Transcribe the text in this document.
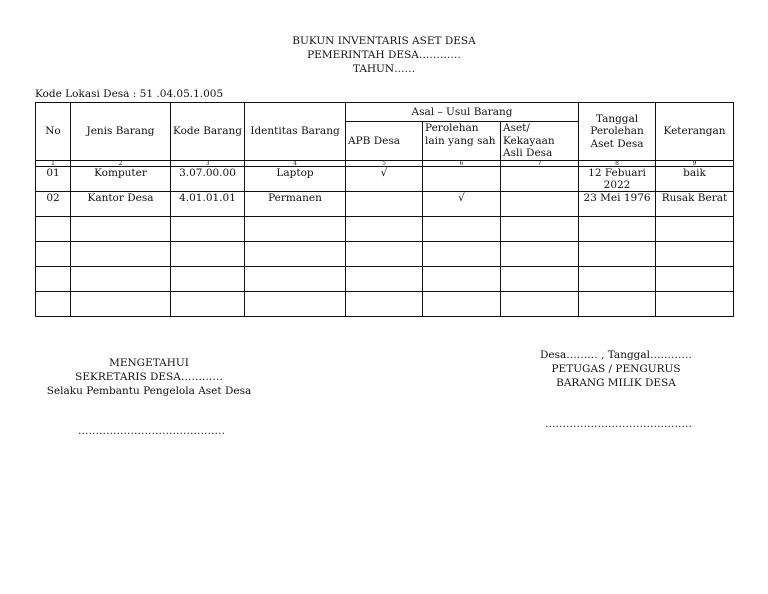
BUKUN INVENTARIS ASET DESA
PEMERINTAH DESA…………
TAHUN……
Kode Lokasi Desa : 51 .04.05.1.005
No	Jenis Barang	Kode Barang	Identitas Barang	Asal – Usul Barang			Tanggal Perolehan Aset Desa	Keterangan
				APB Desa	Perolehan lain yang sah	Aset/ Kekayaan Asli Desa		
1	2	3	4	5	6	7	8	9
01	Komputer	3.07.00.00	Laptop	√			12 Febuari 2022	baik
02	Kantor Desa	4.01.01.01	Permanen		√		23 Mei 1976	Rusak Berat

MENGETAHUI
SEKRETARIS DESA…………
Selaku Pembantu Pengelola Aset Desa
……………………………………
Desa……… , Tanggal…………
PETUGAS / PENGURUS
BARANG MILIK DESA
……………………………………
